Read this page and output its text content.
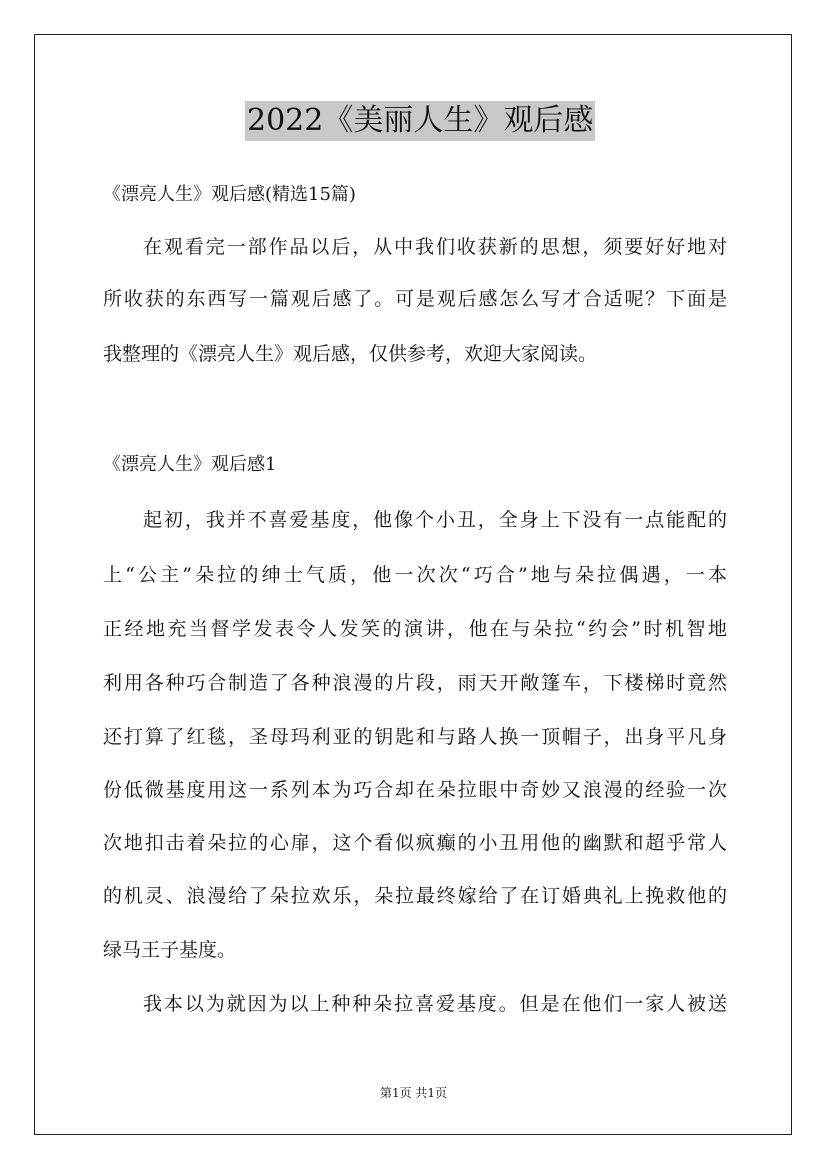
2022《美丽人生》观后感
《漂亮人生》观后感(精选15篇)
在观看完一部作品以后，从中我们收获新的思想，须要好好地对
所收获的东西写一篇观后感了。可是观后感怎么写才合适呢？下面是
我整理的《漂亮人生》观后感，仅供参考，欢迎大家阅读。
《漂亮人生》观后感1
起初，我并不喜爱基度，他像个小丑，全身上下没有一点能配的
上“公主”朵拉的绅士气质，他一次次“巧合”地与朵拉偶遇，一本
正经地充当督学发表令人发笑的演讲，他在与朵拉“约会”时机智地
利用各种巧合制造了各种浪漫的片段，雨天开敞篷车，下楼梯时竟然
还打算了红毯，圣母玛利亚的钥匙和与路人换一顶帽子，出身平凡身
份低微基度用这一系列本为巧合却在朵拉眼中奇妙又浪漫的经验一次
次地扣击着朵拉的心扉，这个看似疯癫的小丑用他的幽默和超乎常人
的机灵、浪漫给了朵拉欢乐，朵拉最终嫁给了在订婚典礼上挽救他的
绿马王子基度。
我本以为就因为以上种种朵拉喜爱基度。但是在他们一家人被送
第1页 共1页
